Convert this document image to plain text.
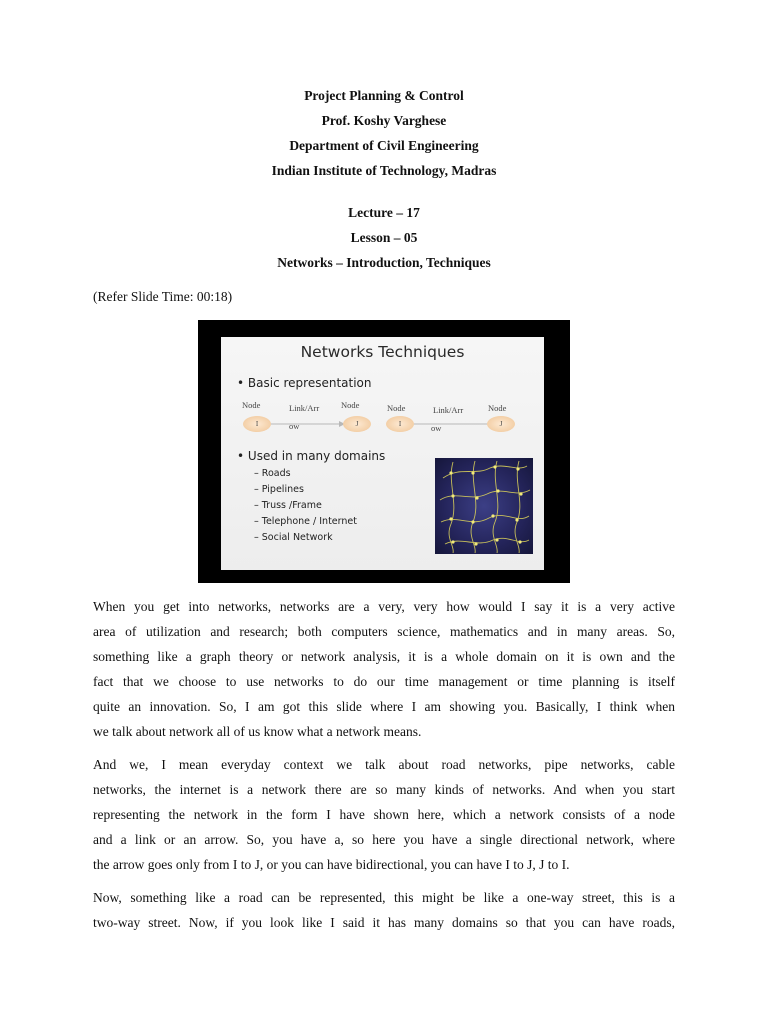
Project Planning & Control
Prof. Koshy Varghese
Department of Civil Engineering
Indian Institute of Technology, Madras
Lecture – 17
Lesson – 05
Networks – Introduction, Techniques
(Refer Slide Time: 00:18)
Networks Techniques
• Basic representation
Node	Link/Arr	Node
ow
I	J
Node	Link/Arr	Node
ow
I	J
• Used in many domains
– Roads
– Pipelines
– Truss /Frame
– Telephone / Internet
– Social Network
When you get into networks, networks are a very, very how would I say it is a very active
area of utilization and research; both computers science, mathematics and in many areas. So,
something like a graph theory or network analysis, it is a whole domain on it is own and the
fact that we choose to use networks to do our time management or time planning is itself
quite an innovation. So, I am got this slide where I am showing you. Basically, I think when
we talk about network all of us know what a network means.
And we, I mean everyday context we talk about road networks, pipe networks, cable
networks, the internet is a network there are so many kinds of networks. And when you start
representing the network in the form I have shown here, which a network consists of a node
and a link or an arrow. So, you have a, so here you have a single directional network, where
the arrow goes only from I to J, or you can have bidirectional, you can have I to J, J to I.
Now, something like a road can be represented, this might be like a one-way street, this is a
two-way street. Now, if you look like I said it has many domains so that you can have roads,
